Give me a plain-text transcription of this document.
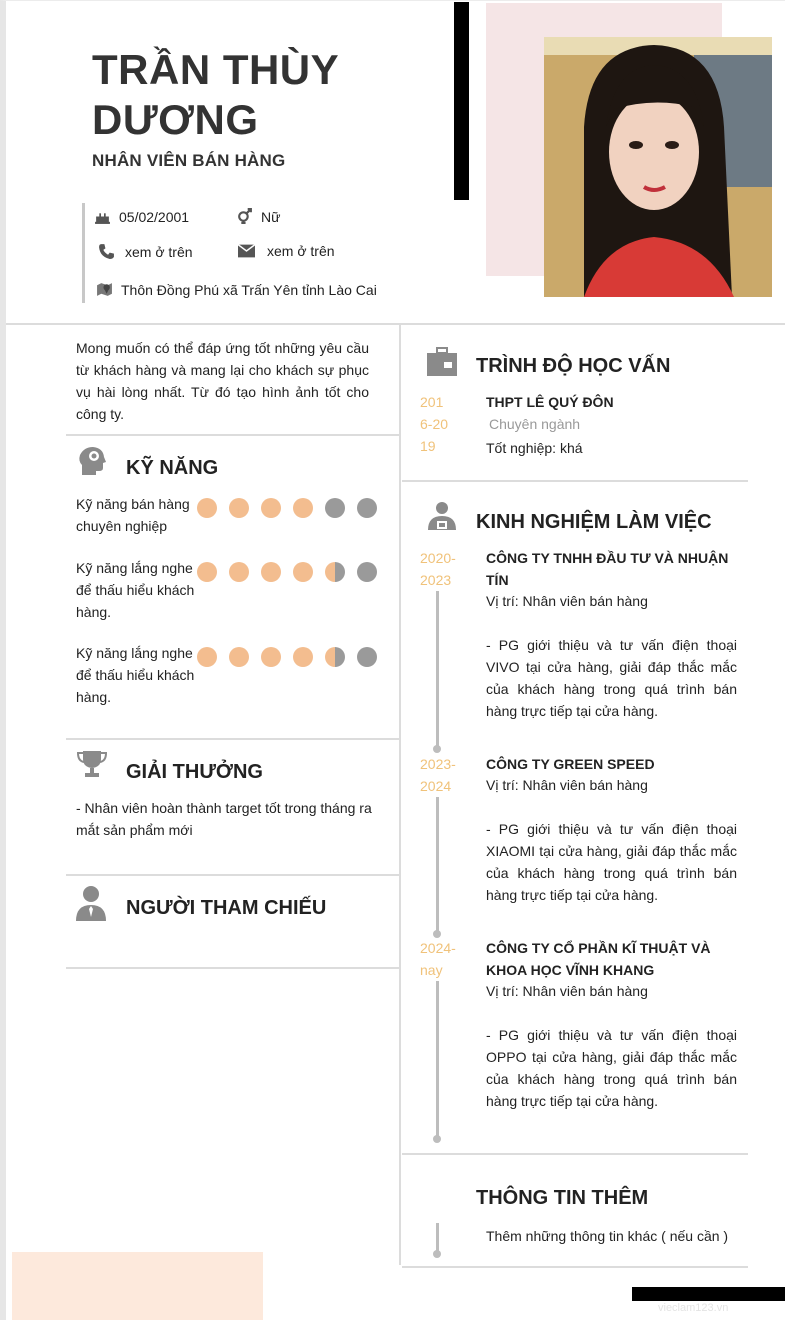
TRẦN THÙY DƯƠNG
NHÂN VIÊN BÁN HÀNG
05/02/2001	Nữ
xem ở trên	xem ở trên
Thôn Đồng Phú xã Trấn Yên tỉnh Lào Cai
Mong muốn có thể đáp ứng tốt những yêu cầu từ khách hàng và mang lại cho khách sự phục vụ hài lòng nhất. Từ đó tạo hình ảnh tốt cho công ty.
KỸ NĂNG
Kỹ năng bán hàng chuyên nghiệp
Kỹ năng lắng nghe để thấu hiểu khách hàng.
Kỹ năng lắng nghe để thấu hiểu khách hàng.
GIẢI THƯỞNG
- Nhân viên hoàn thành target tốt trong tháng ra mắt sản phẩm mới
NGƯỜI THAM CHIẾU
TRÌNH ĐỘ HỌC VẤN
2016-2019
THPT LÊ QUÝ ĐÔN
Chuyên ngành
Tốt nghiệp: khá
KINH NGHIỆM LÀM VIỆC
2020-2023
CÔNG TY TNHH ĐẦU TƯ VÀ NHUẬN TÍN
Vị trí: Nhân viên bán hàng
- PG giới thiệu và tư vấn điện thoại VIVO tại cửa hàng, giải đáp thắc mắc của khách hàng trong quá trình bán hàng trực tiếp tại cửa hàng.
2023-2024
CÔNG TY GREEN SPEED
Vị trí: Nhân viên bán hàng
- PG giới thiệu và tư vấn điện thoại XIAOMI tại cửa hàng, giải đáp thắc mắc của khách hàng trong quá trình bán hàng trực tiếp tại cửa hàng.
2024-nay
CÔNG TY CỔ PHẦN KĨ THUẬT VÀ KHOA HỌC VĨNH KHANG
Vị trí: Nhân viên bán hàng
- PG giới thiệu và tư vấn điện thoại OPPO tại cửa hàng, giải đáp thắc mắc của khách hàng trong quá trình bán hàng trực tiếp tại cửa hàng.
THÔNG TIN THÊM
Thêm những thông tin khác ( nếu cần )
vieclam123.vn
